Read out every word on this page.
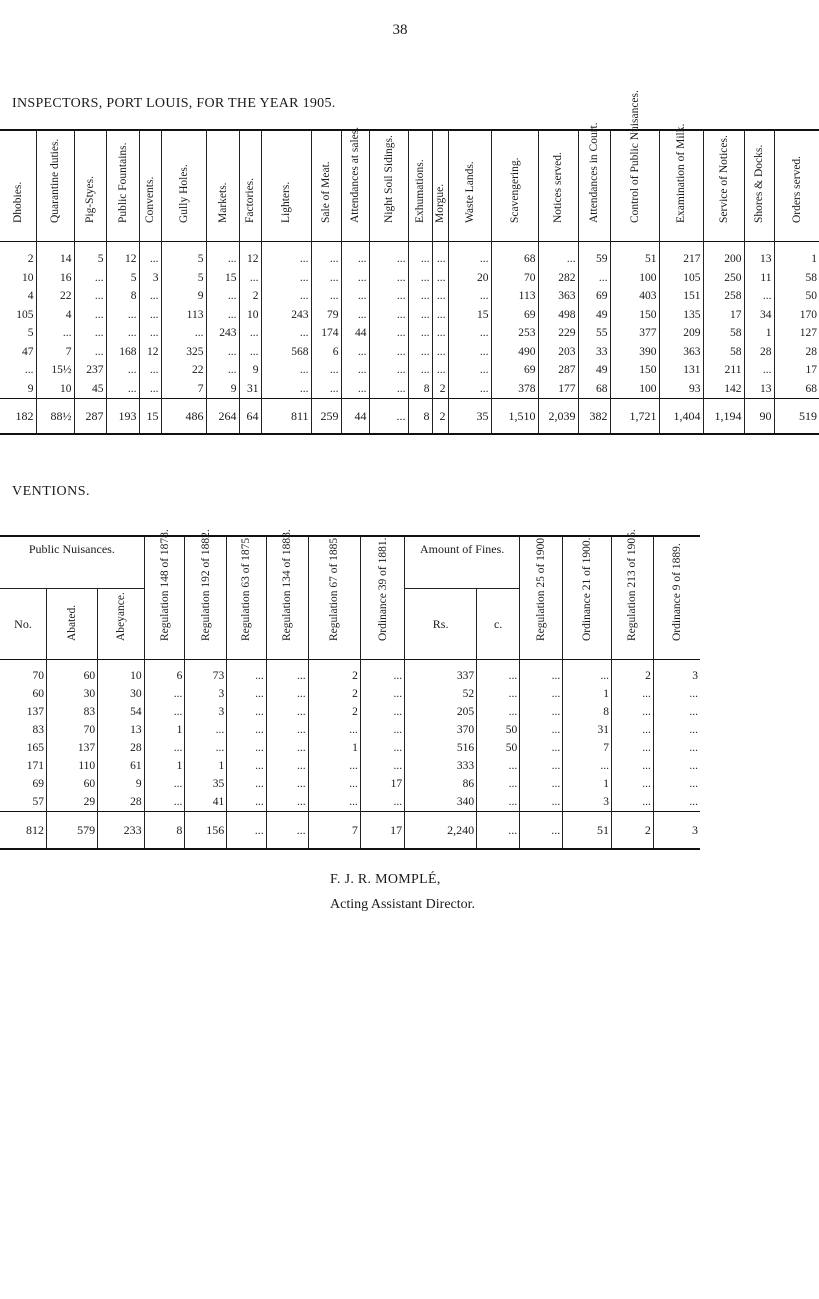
38
INSPECTORS, PORT LOUIS, FOR THE YEAR 1905.
Dhobies.	Quarantine duties.	Pig-Styes.	Public Fountains.	Convents.	Gully Holes.	Markets.	Factories.	Lighters.	Sale of Meat.	Attendances at sales.	Night Soil Sidings.	Exhumations.	Morgue.	Waste Lands.	Scavengering.	Notices served.	Attendances in Court.	Control of Public Nuisances.	Examination of Milk.	Service of Notices.	Shores & Docks.	Orders served.

2	14	5	12	...	5	...	12	...	...	...	...	...	...	...	68	...	59	51	217	200	13	1
10	16	...	5	3	5	15	...	...	...	...	...	...	...	20	70	282	...	100	105	250	11	58
4	22	...	8	...	9	...	2	...	...	...	...	...	...	...	113	363	69	403	151	258	...	50
105	4	...	...	...	113	...	10	243	79	...	...	...	...	15	69	498	49	150	135	17	34	170
5	...	...	...	...	...	243	...	...	174	44	...	...	...	...	253	229	55	377	209	58	1	127
47	7	...	168	12	325	...	...	568	6	...	...	...	...	...	490	203	33	390	363	58	28	28
...	15½	237	...	...	22	...	9	...	...	...	...	...	...	...	69	287	49	150	131	211	...	17
9	10	45	...	...	7	9	31	...	...	...	...	8	2	...	378	177	68	100	93	142	13	68
182	88½	287	193	15	486	264	64	811	259	44	...	8	2	35	1,510	2,039	382	1,721	1,404	1,194	90	519
VENTIONS.
Public Nuisances.			Regulation 148 of 1878.	Regulation 192 of 1882.	Regulation 63 of 1875.	Regulation 134 of 1883.	Regulation 67 of 1885.	Ordinance 39 of 1881.	Amount of Fines.		Regulation 25 of 1900.	Ordinance 21 of 1900.	Regulation 213 of 1905.	Ordinance 9 of 1889.

No.	Abated.	Abeyance.							Rs.	c.				

70	60	10	6	73	...	...	2	...	337	...	...	...	2	3
60	30	30	...	3	...	...	2	...	52	...	...	1	...	...
137	83	54	...	3	...	...	2	...	205	...	...	8	...	...
83	70	13	1	...	...	...	...	...	370	50	...	31	...	...
165	137	28	...	...	...	...	1	...	516	50	...	7	...	...
171	110	61	1	1	...	...	...	...	333	...	...	...	...	...
69	60	9	...	35	...	...	...	17	86	...	...	1	...	...
57	29	28	...	41	...	...	...	...	340	...	...	3	...	...
812	579	233	8	156	...	...	7	17	2,240	...	...	51	2	3
F. J. R. MOMPLÉ,
Acting Assistant Director.
